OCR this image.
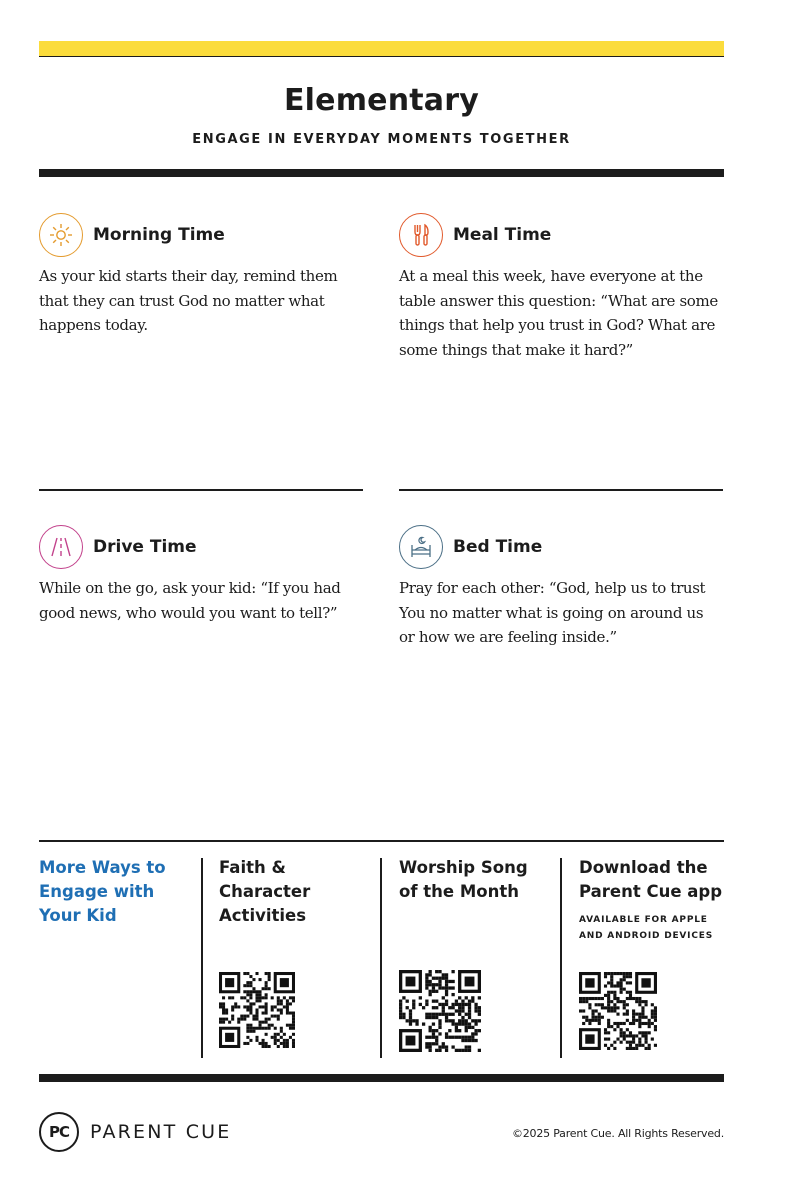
Elementary
ENGAGE IN EVERYDAY MOMENTS TOGETHER
Morning Time
As your kid starts their day, remind them that they can trust God no matter what happens today.
Meal Time
At a meal this week, have everyone at the table answer this question: “What are some things that help you trust in God? What are some things that make it hard?”
Drive Time
While on the go, ask your kid: “If you had good news, who would you want to tell?”
Bed Time
Pray for each other: “God, help us to trust You no matter what is going on around us or how we are feeling inside.”
More Ways to Engage with Your Kid
Faith & Character Activities
Worship Song of the Month
Download the Parent Cue app
AVAILABLE FOR APPLE AND ANDROID DEVICES
PC	PARENT CUE	©2025 Parent Cue. All Rights Reserved.
